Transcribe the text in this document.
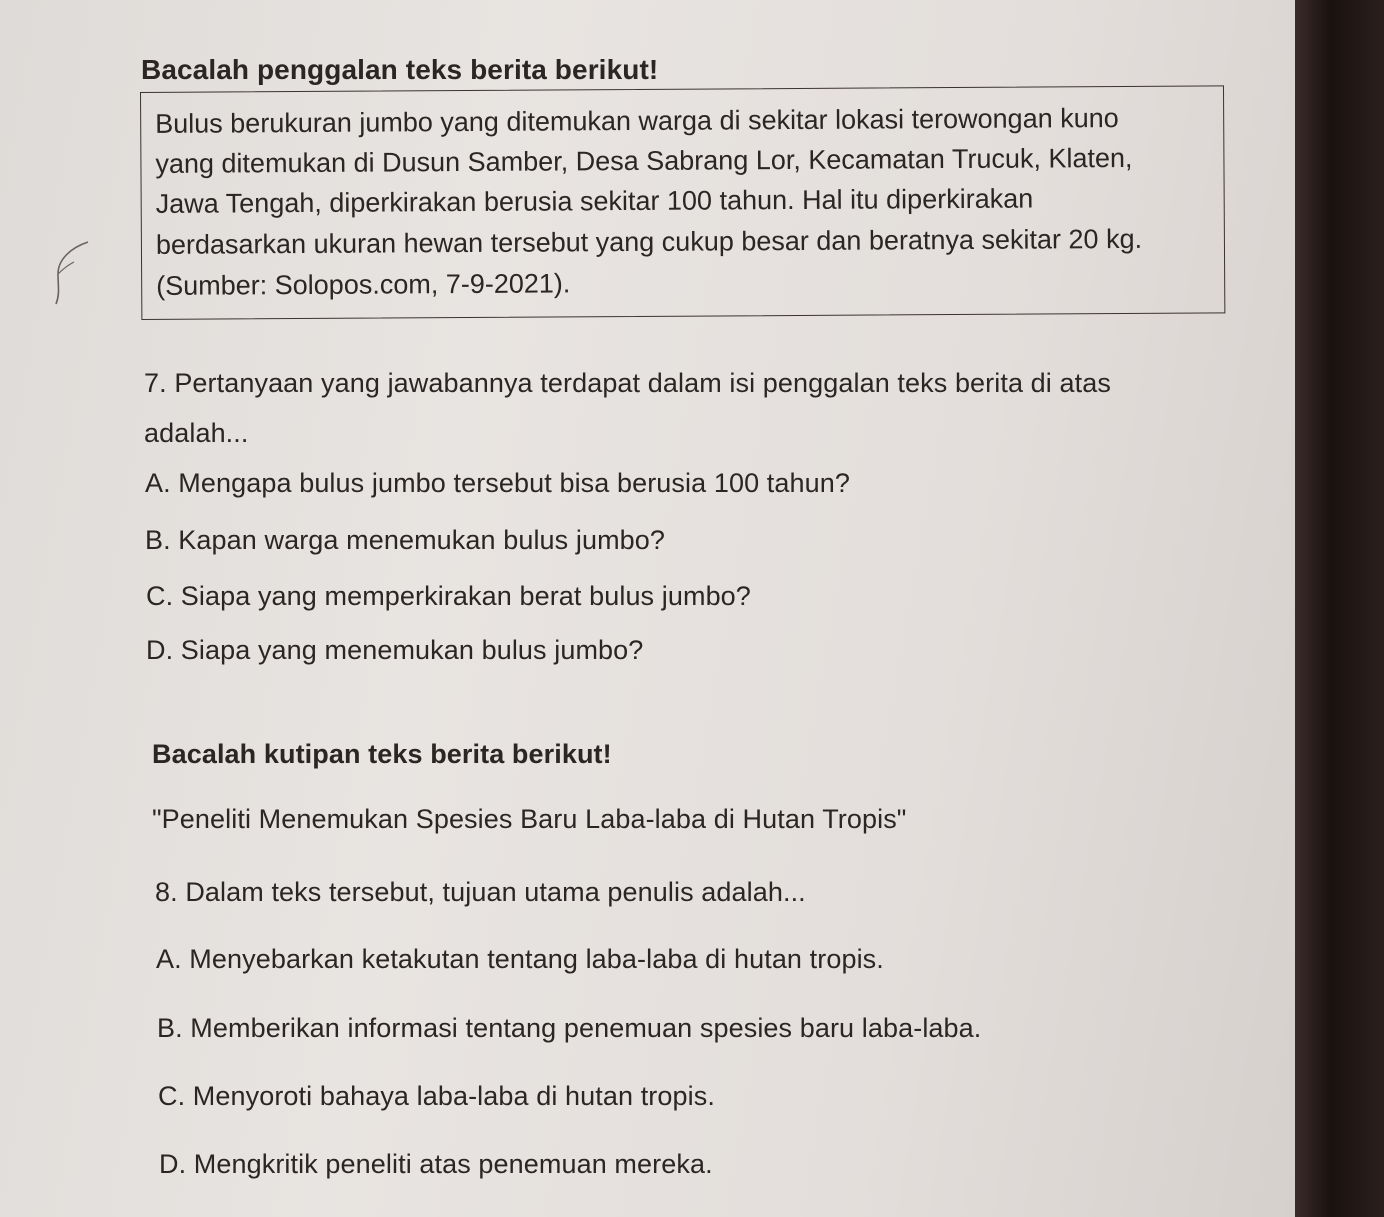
Bacalah penggalan teks berita berikut!
Bulus berukuran jumbo yang ditemukan warga di sekitar lokasi terowongan kuno
yang ditemukan di Dusun Samber, Desa Sabrang Lor, Kecamatan Trucuk, Klaten,
Jawa Tengah, diperkirakan berusia sekitar 100 tahun. Hal itu diperkirakan
berdasarkan ukuran hewan tersebut yang cukup besar dan beratnya sekitar 20 kg.
(Sumber: Solopos.com, 7-9-2021).
7. Pertanyaan yang jawabannya terdapat dalam isi penggalan teks berita di atas
adalah...
A. Mengapa bulus jumbo tersebut bisa berusia 100 tahun?
B. Kapan warga menemukan bulus jumbo?
C. Siapa yang memperkirakan berat bulus jumbo?
D. Siapa yang menemukan bulus jumbo?
Bacalah kutipan teks berita berikut!
"Peneliti Menemukan Spesies Baru Laba-laba di Hutan Tropis"
8. Dalam teks tersebut, tujuan utama penulis adalah...
A. Menyebarkan ketakutan tentang laba-laba di hutan tropis.
B. Memberikan informasi tentang penemuan spesies baru laba-laba.
C. Menyoroti bahaya laba-laba di hutan tropis.
D. Mengkritik peneliti atas penemuan mereka.
